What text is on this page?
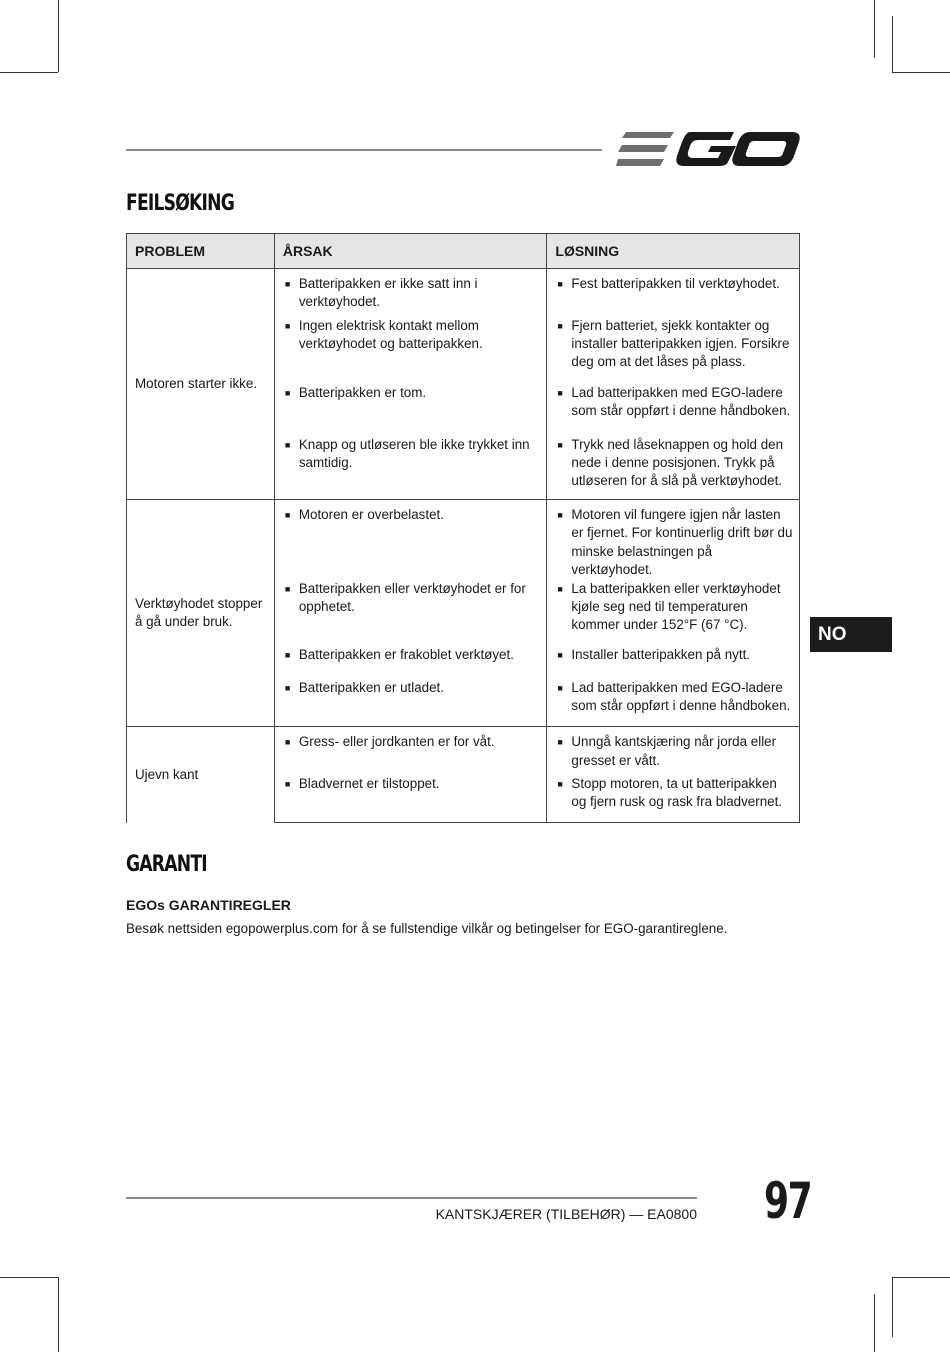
FEILSØKING
PROBLEM	ÅRSAK	LØSNING
Motoren starter ikke.	■ Batteripakken er ikke satt inn i verktøyhodet.	■ Fest batteripakken til verktøyhodet.

	■ Ingen elektrisk kontakt mellom verktøyhodet og batteripakken.	■ Fjern batteriet, sjekk kontakter og installer batteripakken igjen. Forsikre deg om at det låses på plass.

	■ Batteripakken er tom.	■ Lad batteripakken med EGO-ladere som står oppført i denne håndboken.

	■ Knapp og utløseren ble ikke trykket inn samtidig.	■ Trykk ned låseknappen og hold den nede i denne posisjonen. Trykk på utløseren for å slå på verktøyhodet.

Verktøyhodet stopper å gå under bruk.	■ Motoren er overbelastet.	■ Motoren vil fungere igjen når lasten er fjernet. For kontinuerlig drift bør du minske belastningen på verktøyhodet.

	■ Batteripakken eller verktøyhodet er for opphetet.	■ La batteripakken eller verktøyhodet kjøle seg ned til temperaturen kommer under 152°F (67 °C).

	■ Batteripakken er frakoblet verktøyet.	■ Installer batteripakken på nytt.

	■ Batteripakken er utladet.	■ Lad batteripakken med EGO-ladere som står oppført i denne håndboken.

Ujevn kant	■ Gress- eller jordkanten er for våt.	■ Unngå kantskjæring når jorda eller gresset er vått.

	■ Bladvernet er tilstoppet.	■ Stopp motoren, ta ut batteripakken og fjern rusk og rask fra bladvernet.
NO
GARANTI
EGOs GARANTIREGLER
Besøk nettsiden egopowerplus.com for å se fullstendige vilkår og betingelser for EGO-garantireglene.
KANTSKJÆRER (TILBEHØR) — EA0800 97
